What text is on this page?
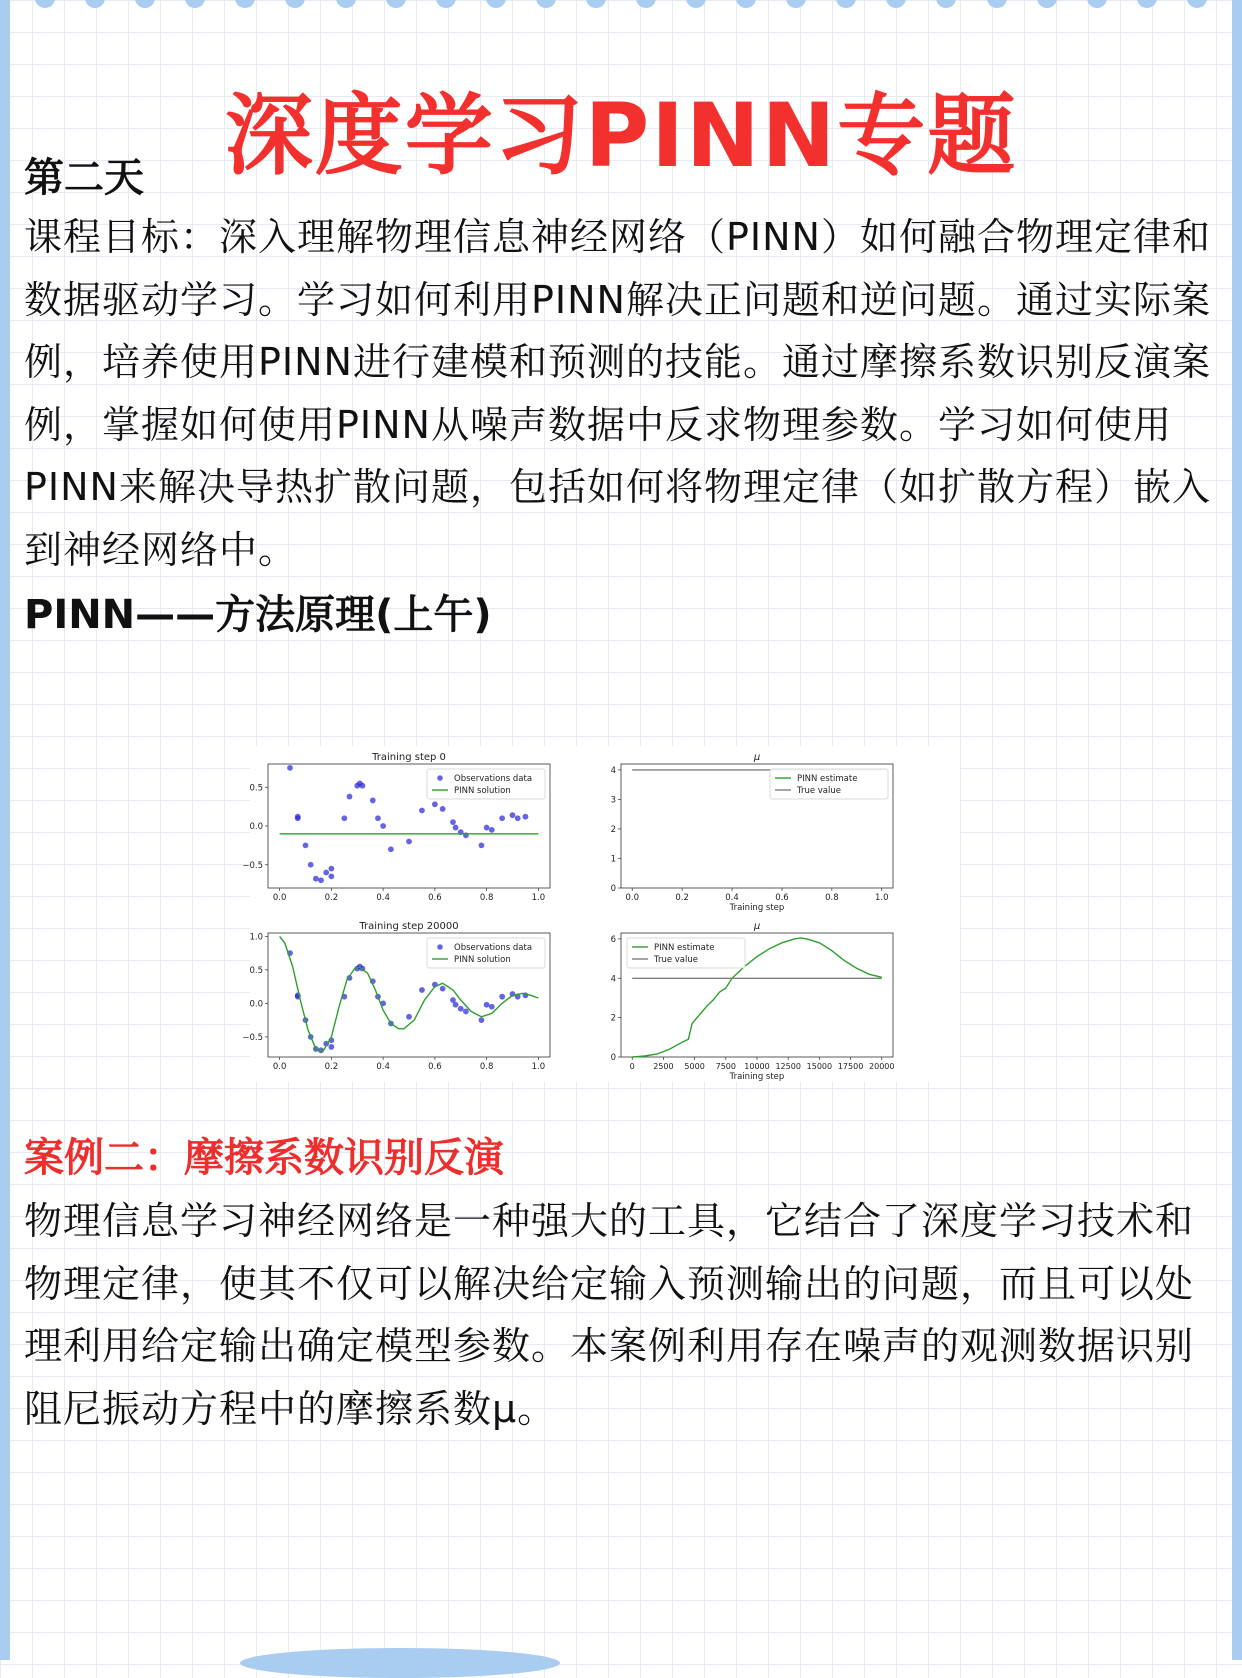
深度学习PINN专题

第二天

课程目标：深入理解物理信息神经网络（PINN）如何融合物理定律和数据驱动学习。学习如何利用PINN解决正问题和逆问题。通过实际案例，培养使用PINN进行建模和预测的技能。通过摩擦系数识别反演案例，掌握如何使用PINN从噪声数据中反求物理参数。学习如何使用PINN来解决导热扩散问题，包括如何将物理定律（如扩散方程）嵌入到神经网络中。

PINN——方法原理(上午)

Training step 0
0.0	0.2	0.4	0.6	0.8	1.0
−0.5
0.0
0.5
Observations data
PINN solution
μ
0.0	0.2	0.4	0.6	0.8	1.0
0
1
2
3
4
Training step
PINN estimate
True value
Training step 20000
0.0	0.2	0.4	0.6	0.8	1.0
−0.5
0.0
0.5
1.0
Observations data
PINN solution
μ
0 2500 5000 7500 10000 12500 15000 17500 20000
0
2
4
6
Training step
PINN estimate
True value

案例二：摩擦系数识别反演

物理信息学习神经网络是一种强大的工具，它结合了深度学习技术和物理定律，使其不仅可以解决给定输入预测输出的问题，而且可以处理利用给定输出确定模型参数。本案例利用存在噪声的观测数据识别阻尼振动方程中的摩擦系数μ。
